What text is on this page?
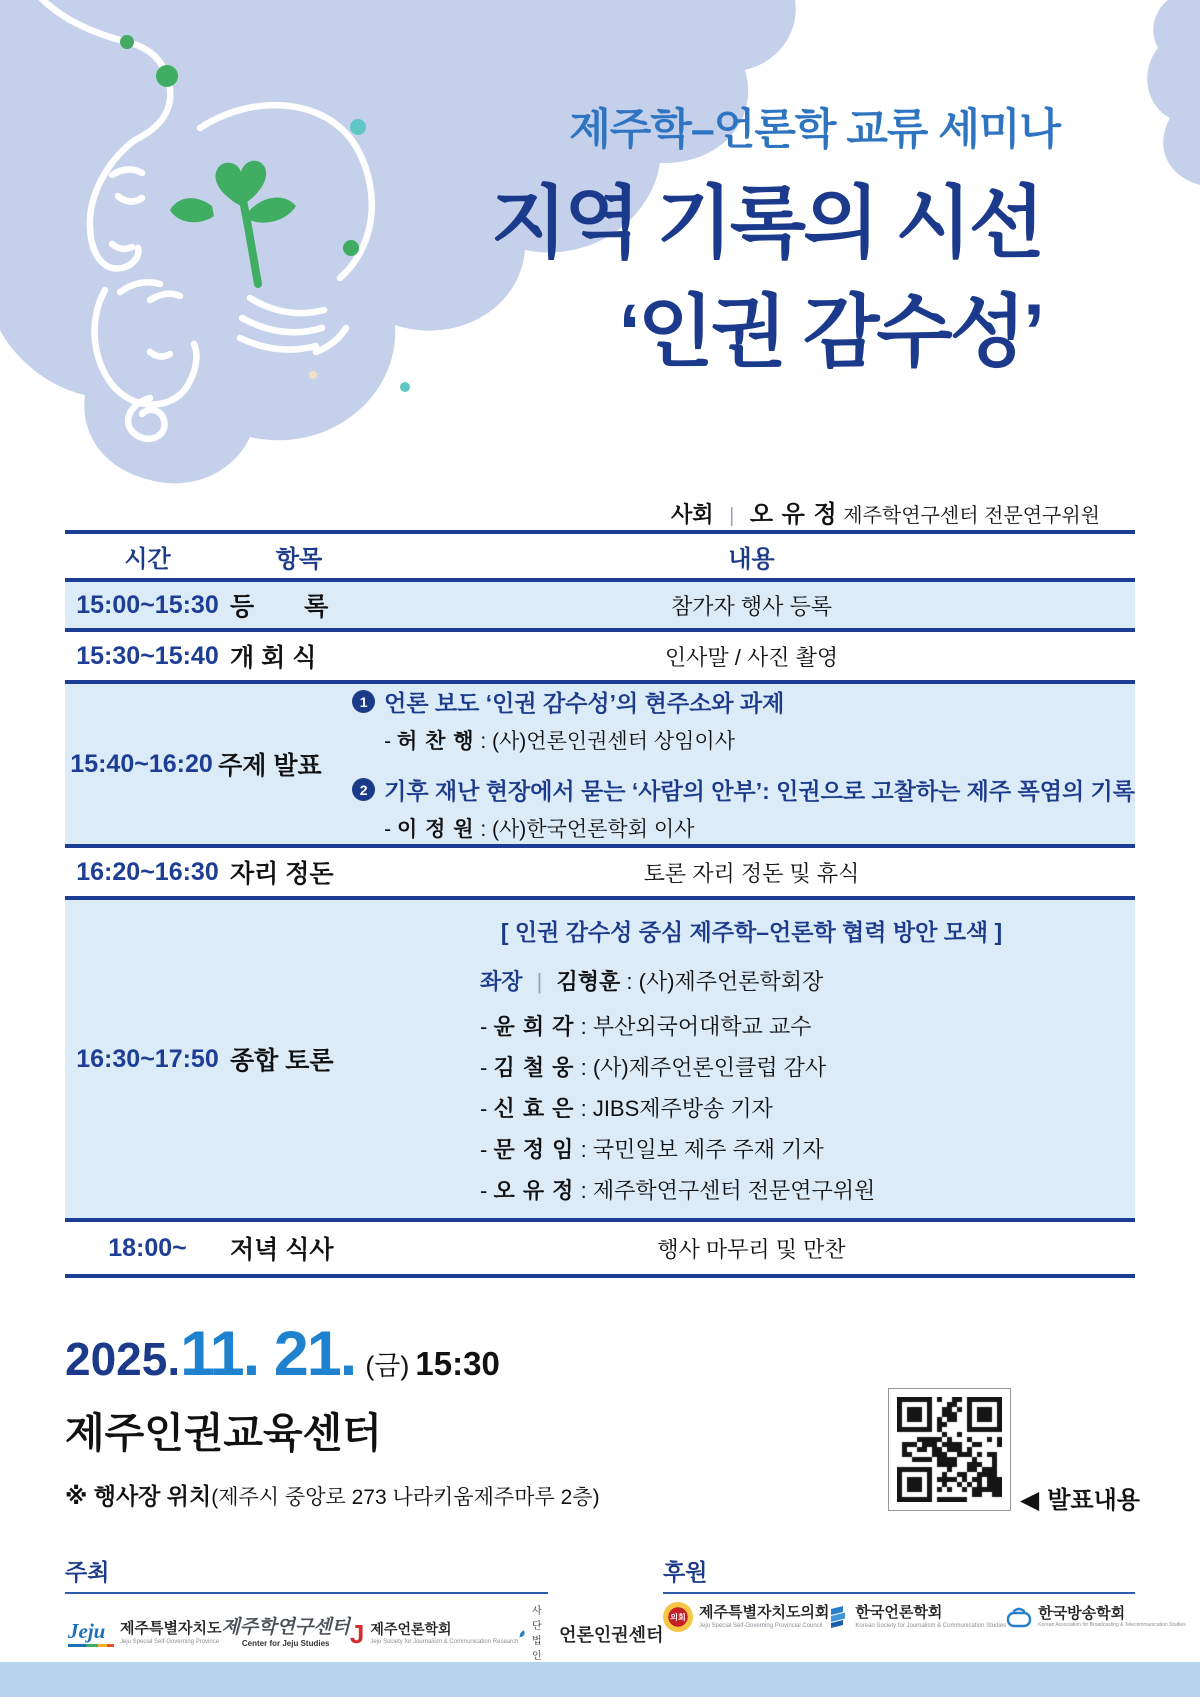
제주학–언론학 교류 세미나
지역 기록의 시선
‘인권 감수성’
사회 | 오 유 정 제주학연구센터 전문연구위원
시간	항목	내용
15:00~15:30 등　　록	참가자 행사 등록
15:30~15:40 개 회 식	인사말 / 사진 촬영
15:40~16:20 주제 발표
1 언론 보도 ‘인권 감수성’의 현주소와 과제
- 허 찬 행 : (사)언론인권센터 상임이사
2 기후 재난 현장에서 묻는 ‘사람의 안부’: 인권으로 고찰하는 제주 폭염의 기록
- 이 정 원 : (사)한국언론학회 이사
16:20~16:30 자리 정돈	토론 자리 정돈 및 휴식
16:30~17:50 종합 토론
[ 인권 감수성 중심 제주학–언론학 협력 방안 모색 ]
좌장 | 김형훈 : (사)제주언론학회장
- 윤 희 각 : 부산외국어대학교 교수
- 김 철 웅 : (사)제주언론인클럽 감사
- 신 효 은 : JIBS제주방송 기자
- 문 정 임 : 국민일보 제주 주재 기자
- 오 유 정 : 제주학연구센터 전문연구위원
18:00~	저녁 식사	행사 마무리 및 만찬
2025.11. 21. (금) 15:30
제주인권교육센터
※ 행사장 위치(제주시 중앙로 273 나라키움제주마루 2층)	◀ 발표내용
주최
Jeju 제주특별자치도
Jeju Special Self-Governing Province
제주학연구센터
Center for Jeju Studies J 제주언론학회
Jeju Society for Journalism & Communication Research
사단법인
언론인권센터
후원
의회 제주특별자치도의회
Jeju Special Self-Governing Provincial Council
한국언론학회
Korean Society for Journalism & Communication Studies
한국방송학회
Korean Association for Broadcasting & Telecommunication Studies
